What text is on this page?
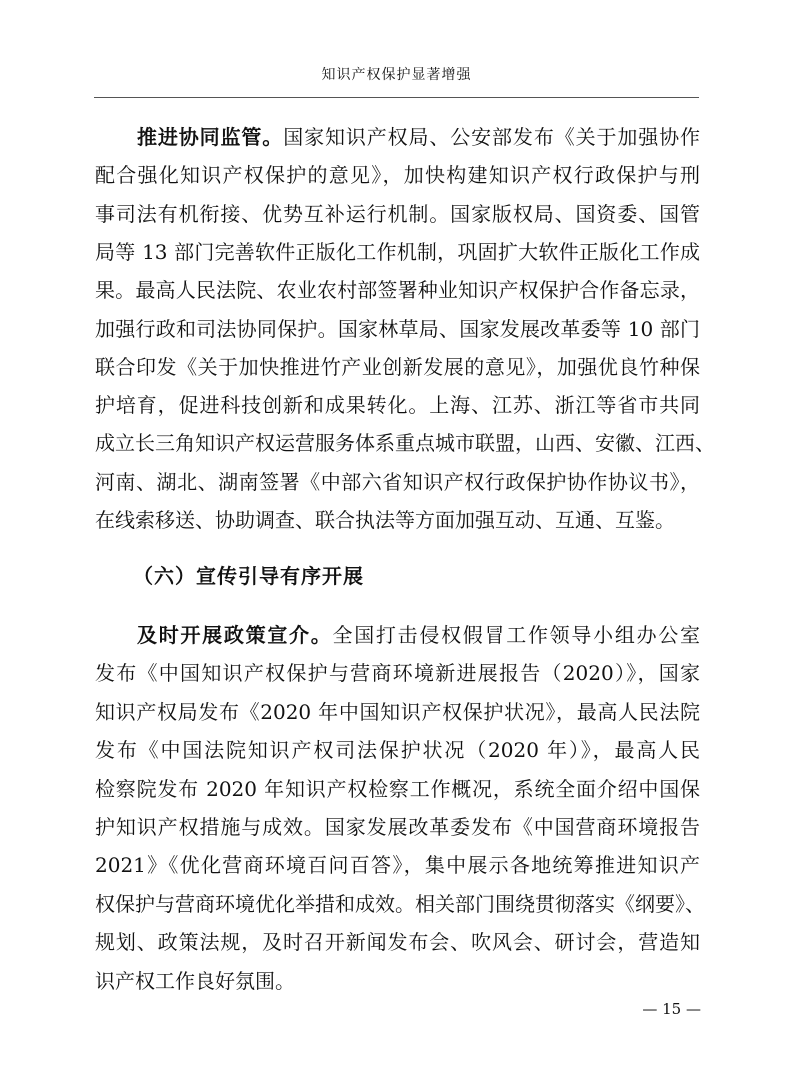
知识产权保护显著增强
推进协同监管。国家知识产权局、公安部发布《关于加强协作
配合强化知识产权保护的意见》，加快构建知识产权行政保护与刑
事司法有机衔接、优势互补运行机制。国家版权局、国资委、国管
局等 13 部门完善软件正版化工作机制，巩固扩大软件正版化工作成
果。最高人民法院、农业农村部签署种业知识产权保护合作备忘录，
加强行政和司法协同保护。国家林草局、国家发展改革委等 10 部门
联合印发《关于加快推进竹产业创新发展的意见》，加强优良竹种保
护培育，促进科技创新和成果转化。上海、江苏、浙江等省市共同
成立长三角知识产权运营服务体系重点城市联盟，山西、安徽、江西、
河南、湖北、湖南签署《中部六省知识产权行政保护协作协议书》，
在线索移送、协助调查、联合执法等方面加强互动、互通、互鉴。
（六）宣传引导有序开展
及时开展政策宣介。全国打击侵权假冒工作领导小组办公室
发布《中国知识产权保护与营商环境新进展报告（2020）》，国家
知识产权局发布《2020 年中国知识产权保护状况》，最高人民法院
发布《中国法院知识产权司法保护状况（2020 年）》，最高人民
检察院发布 2020 年知识产权检察工作概况，系统全面介绍中国保
护知识产权措施与成效。国家发展改革委发布《中国营商环境报告
2021》《优化营商环境百问百答》，集中展示各地统筹推进知识产
权保护与营商环境优化举措和成效。相关部门围绕贯彻落实《纲要》、
规划、政策法规，及时召开新闻发布会、吹风会、研讨会，营造知
识产权工作良好氛围。
— 15 —
